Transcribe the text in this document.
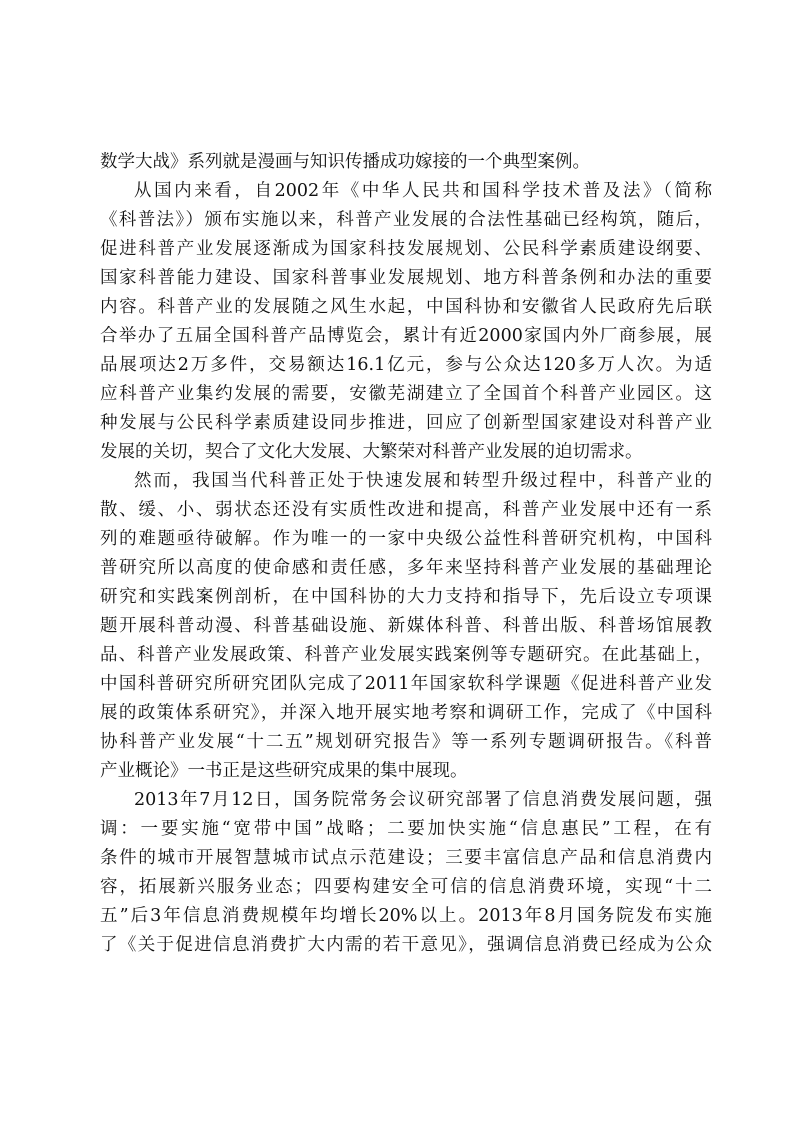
数学大战》系列就是漫画与知识传播成功嫁接的一个典型案例。
从国内来看，自2002年《中华人民共和国科学技术普及法》（简称
《科普法》）颁布实施以来，科普产业发展的合法性基础已经构筑，随后，
促进科普产业发展逐渐成为国家科技发展规划、公民科学素质建设纲要、
国家科普能力建设、国家科普事业发展规划、地方科普条例和办法的重要
内容。科普产业的发展随之风生水起，中国科协和安徽省人民政府先后联
合举办了五届全国科普产品博览会，累计有近2000家国内外厂商参展，展
品展项达2万多件，交易额达16.1亿元，参与公众达120多万人次。为适
应科普产业集约发展的需要，安徽芜湖建立了全国首个科普产业园区。这
种发展与公民科学素质建设同步推进，回应了创新型国家建设对科普产业
发展的关切，契合了文化大发展、大繁荣对科普产业发展的迫切需求。
然而，我国当代科普正处于快速发展和转型升级过程中，科普产业的
散、缓、小、弱状态还没有实质性改进和提高，科普产业发展中还有一系
列的难题亟待破解。作为唯一的一家中央级公益性科普研究机构，中国科
普研究所以高度的使命感和责任感，多年来坚持科普产业发展的基础理论
研究和实践案例剖析，在中国科协的大力支持和指导下，先后设立专项课
题开展科普动漫、科普基础设施、新媒体科普、科普出版、科普场馆展教
品、科普产业发展政策、科普产业发展实践案例等专题研究。在此基础上，
中国科普研究所研究团队完成了2011年国家软科学课题《促进科普产业发
展的政策体系研究》，并深入地开展实地考察和调研工作，完成了《中国科
协科普产业发展“十二五”规划研究报告》等一系列专题调研报告。《科普
产业概论》一书正是这些研究成果的集中展现。
2013年7月12日，国务院常务会议研究部署了信息消费发展问题，强
调：一要实施“宽带中国”战略；二要加快实施“信息惠民”工程，在有
条件的城市开展智慧城市试点示范建设；三要丰富信息产品和信息消费内
容，拓展新兴服务业态；四要构建安全可信的信息消费环境，实现“十二
五”后3年信息消费规模年均增长20%以上。2013年8月国务院发布实施
了《关于促进信息消费扩大内需的若干意见》，强调信息消费已经成为公众
